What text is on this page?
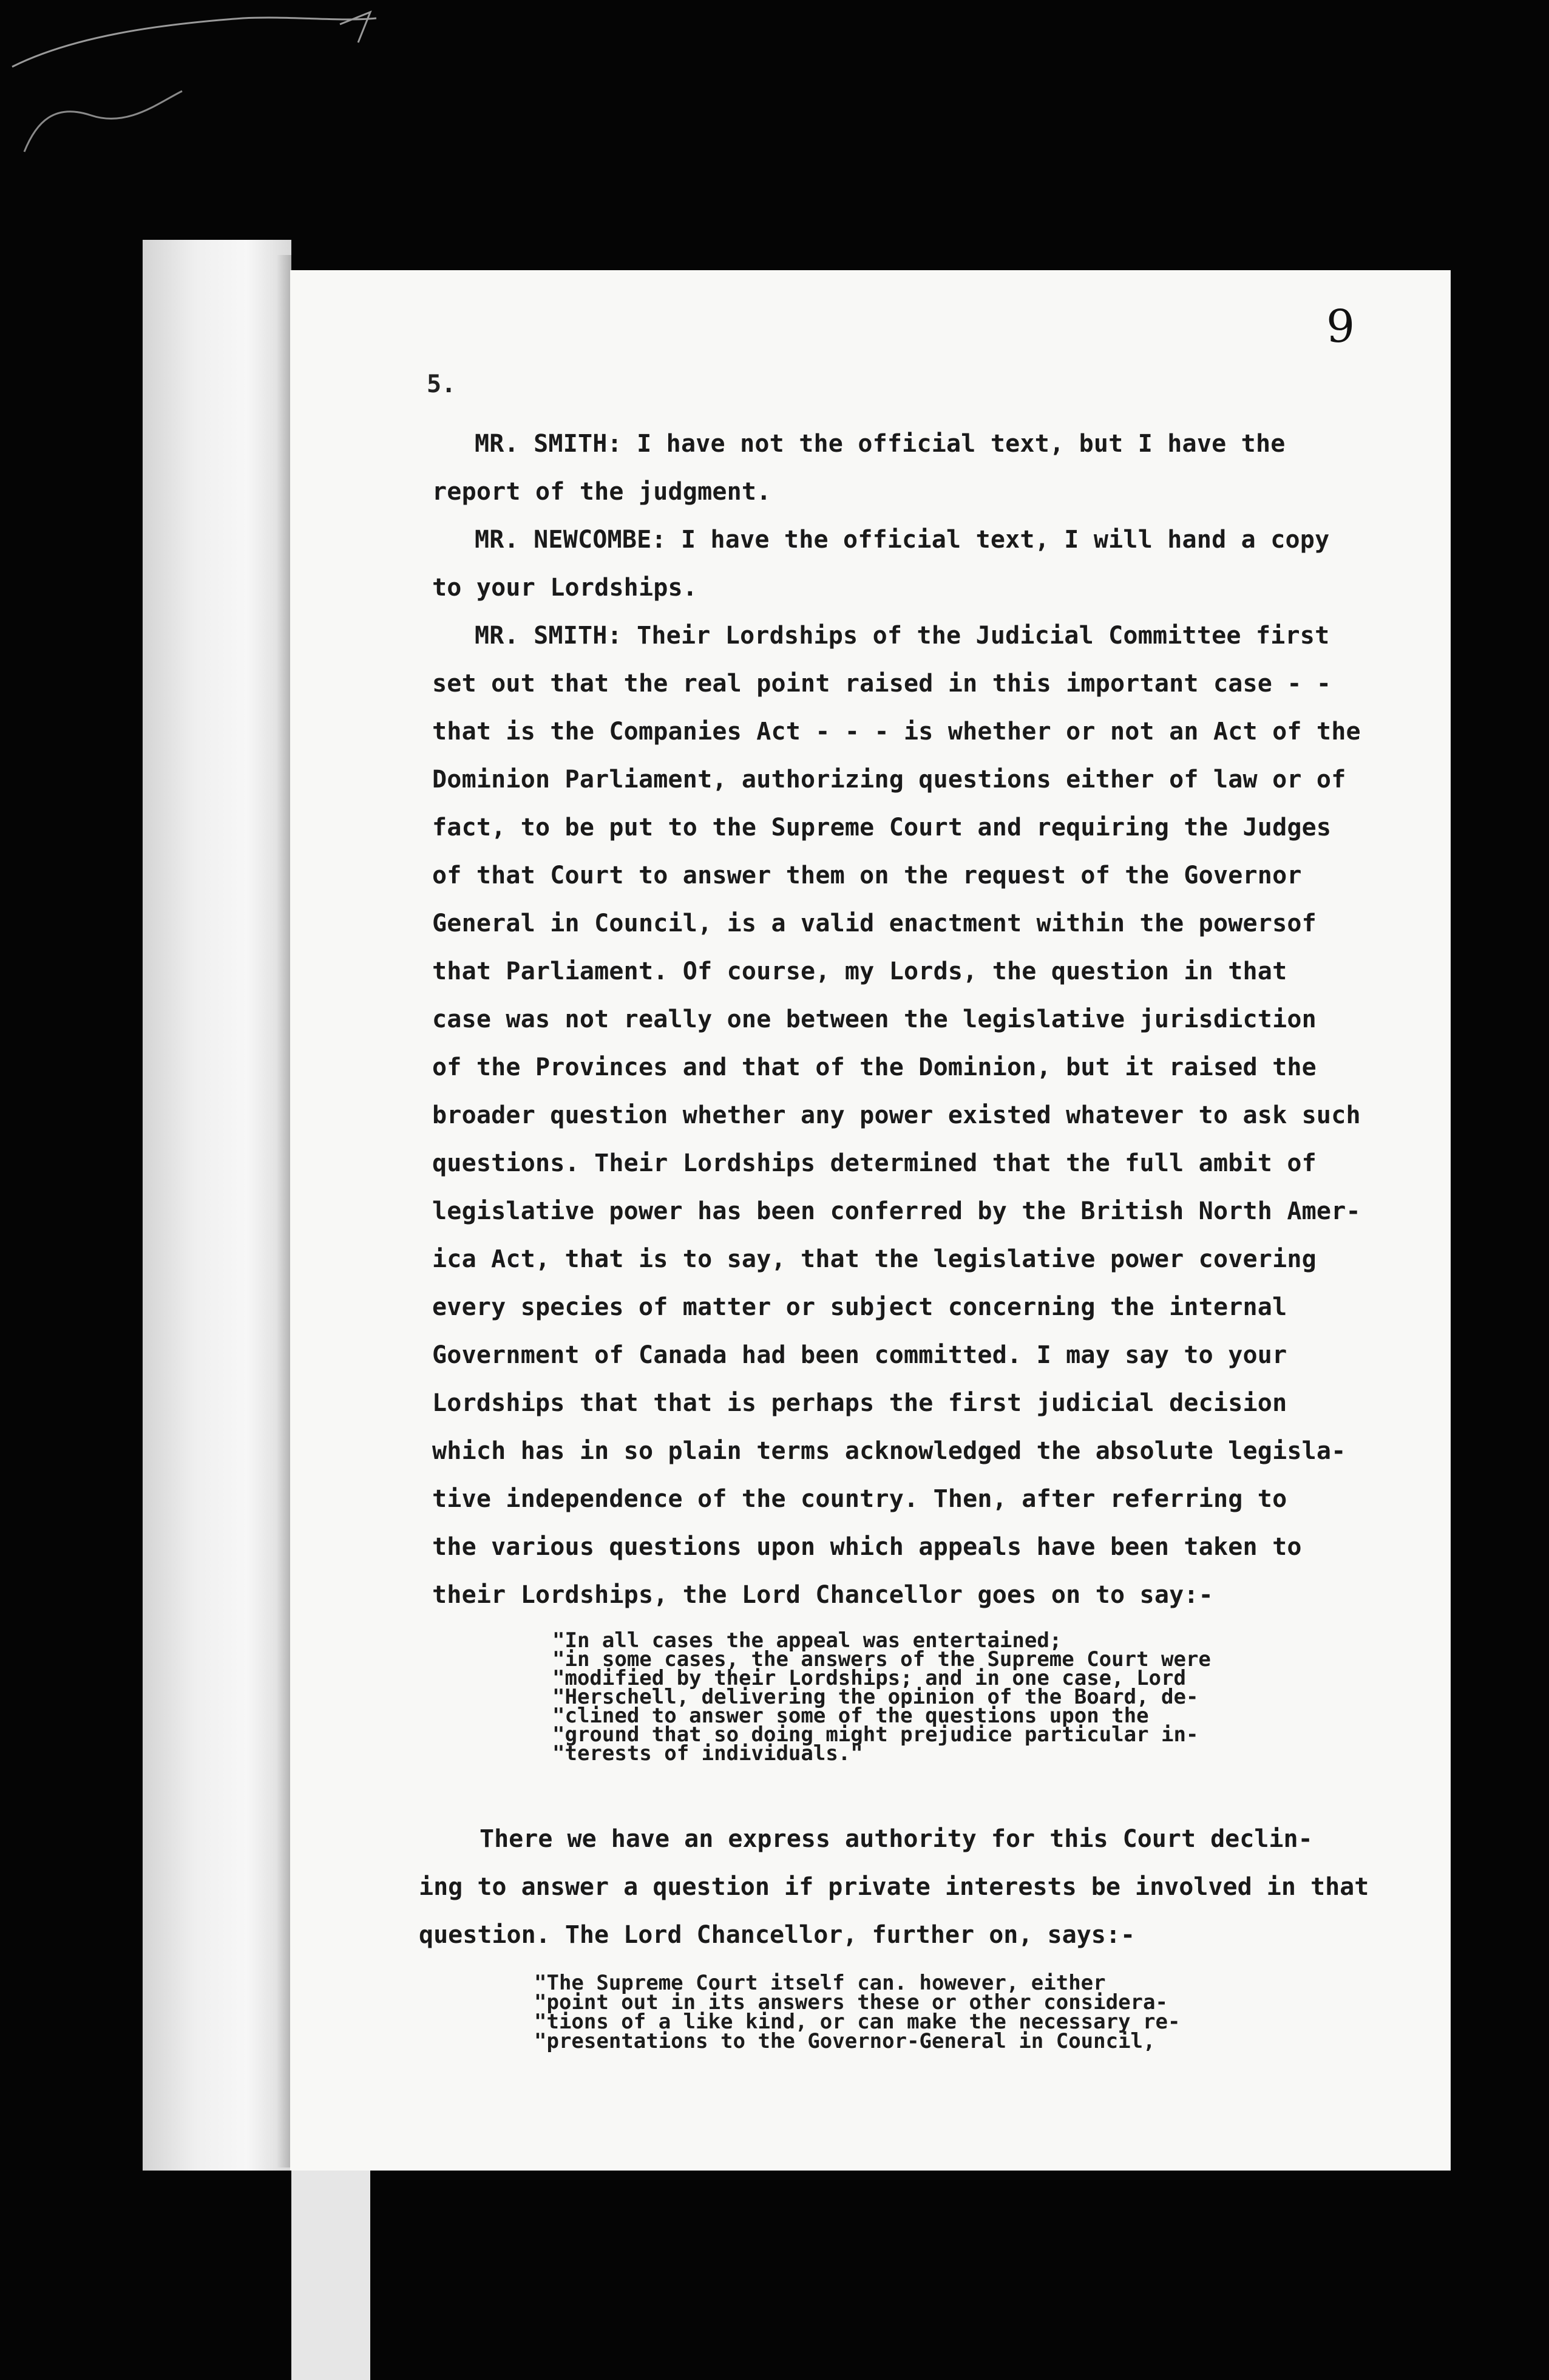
9
5.

MR. SMITH: I have not the official text, but I have the
report of the judgment.
MR. NEWCOMBE: I have the official text, I will hand a copy
to your Lordships.
MR. SMITH: Their Lordships of the Judicial Committee first
set out that the real point raised in this important case - -
that is the Companies Act - - - is whether or not an Act of the
Dominion Parliament, authorizing questions either of law or of
fact, to be put to the Supreme Court and requiring the Judges
of that Court to answer them on the request of the Governor
General in Council, is a valid enactment within the powersof
that Parliament. Of course, my Lords, the question in that
case was not really one between the legislative jurisdiction
of the Provinces and that of the Dominion, but it raised the
broader question whether any power existed whatever to ask such
questions. Their Lordships determined that the full ambit of
legislative power has been conferred by the British North Amer-
ica Act, that is to say, that the legislative power covering
every species of matter or subject concerning the internal
Government of Canada had been committed. I may say to your
Lordships that that is perhaps the first judicial decision
which has in so plain terms acknowledged the absolute legisla-
tive independence of the country. Then, after referring to
the various questions upon which appeals have been taken to
their Lordships, the Lord Chancellor goes on to say:-

"In all cases the appeal was entertained;
"in some cases, the answers of the Supreme Court were
"modified by their Lordships; and in one case, Lord
"Herschell, delivering the opinion of the Board, de-
"clined to answer some of the questions upon the
"ground that so doing might prejudice particular in-
"terests of individuals."
There we have an express authority for this Court declin-
ing to answer a question if private interests be involved in that
question. The Lord Chancellor, further on, says:-
"The Supreme Court itself can. however, either
"point out in its answers these or other considera-
"tions of a like kind, or can make the necessary re-
"presentations to the Governor-General in Council,
